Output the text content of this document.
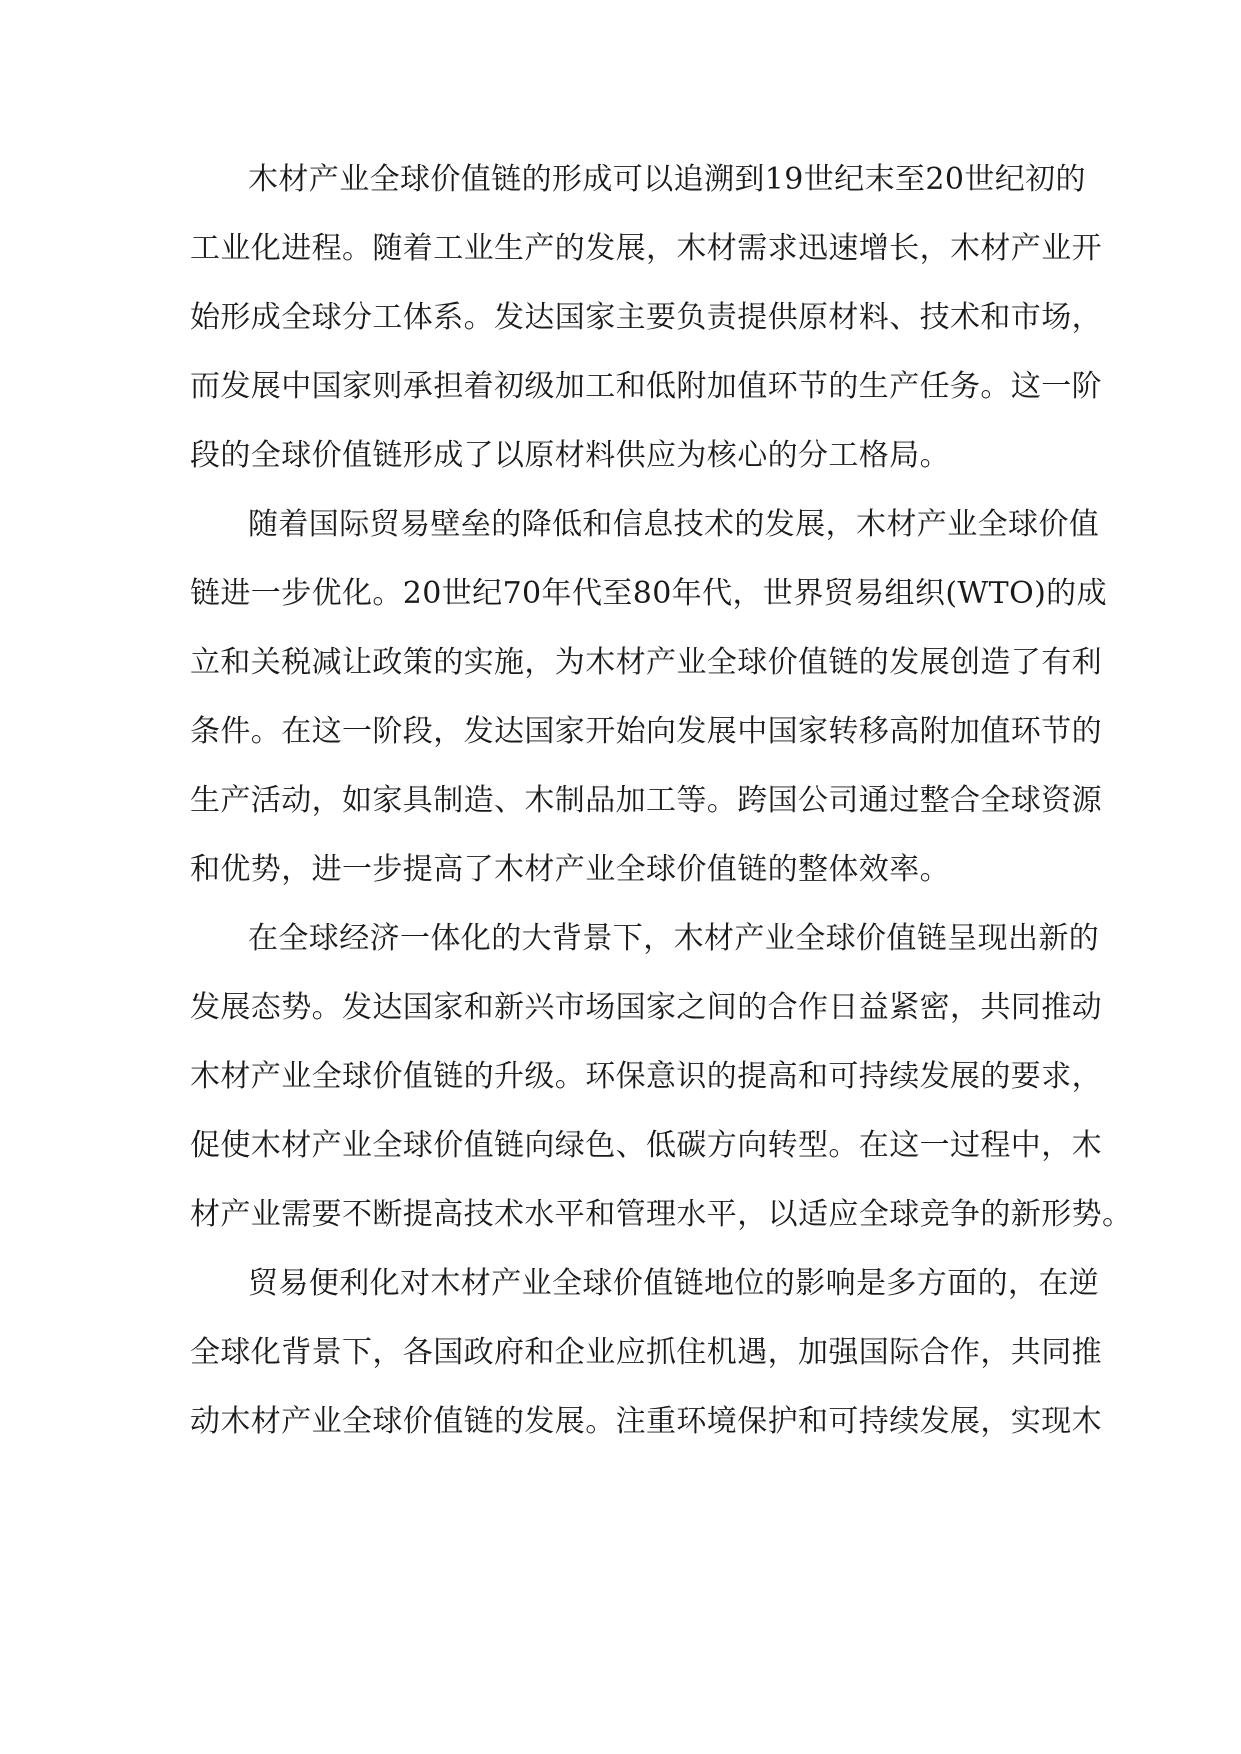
木材产业全球价值链的形成可以追溯到19世纪末至20世纪初的
工业化进程。随着工业生产的发展，木材需求迅速增长，木材产业开
始形成全球分工体系。发达国家主要负责提供原材料、技术和市场，
而发展中国家则承担着初级加工和低附加值环节的生产任务。这一阶
段的全球价值链形成了以原材料供应为核心的分工格局。
随着国际贸易壁垒的降低和信息技术的发展，木材产业全球价值
链进一步优化。20世纪70年代至80年代，世界贸易组织(WTO)的成
立和关税减让政策的实施，为木材产业全球价值链的发展创造了有利
条件。在这一阶段，发达国家开始向发展中国家转移高附加值环节的
生产活动，如家具制造、木制品加工等。跨国公司通过整合全球资源
和优势，进一步提高了木材产业全球价值链的整体效率。
在全球经济一体化的大背景下，木材产业全球价值链呈现出新的
发展态势。发达国家和新兴市场国家之间的合作日益紧密，共同推动
木材产业全球价值链的升级。环保意识的提高和可持续发展的要求，
促使木材产业全球价值链向绿色、低碳方向转型。在这一过程中，木
材产业需要不断提高技术水平和管理水平，以适应全球竞争的新形势。
贸易便利化对木材产业全球价值链地位的影响是多方面的，在逆
全球化背景下，各国政府和企业应抓住机遇，加强国际合作，共同推
动木材产业全球价值链的发展。注重环境保护和可持续发展，实现木
